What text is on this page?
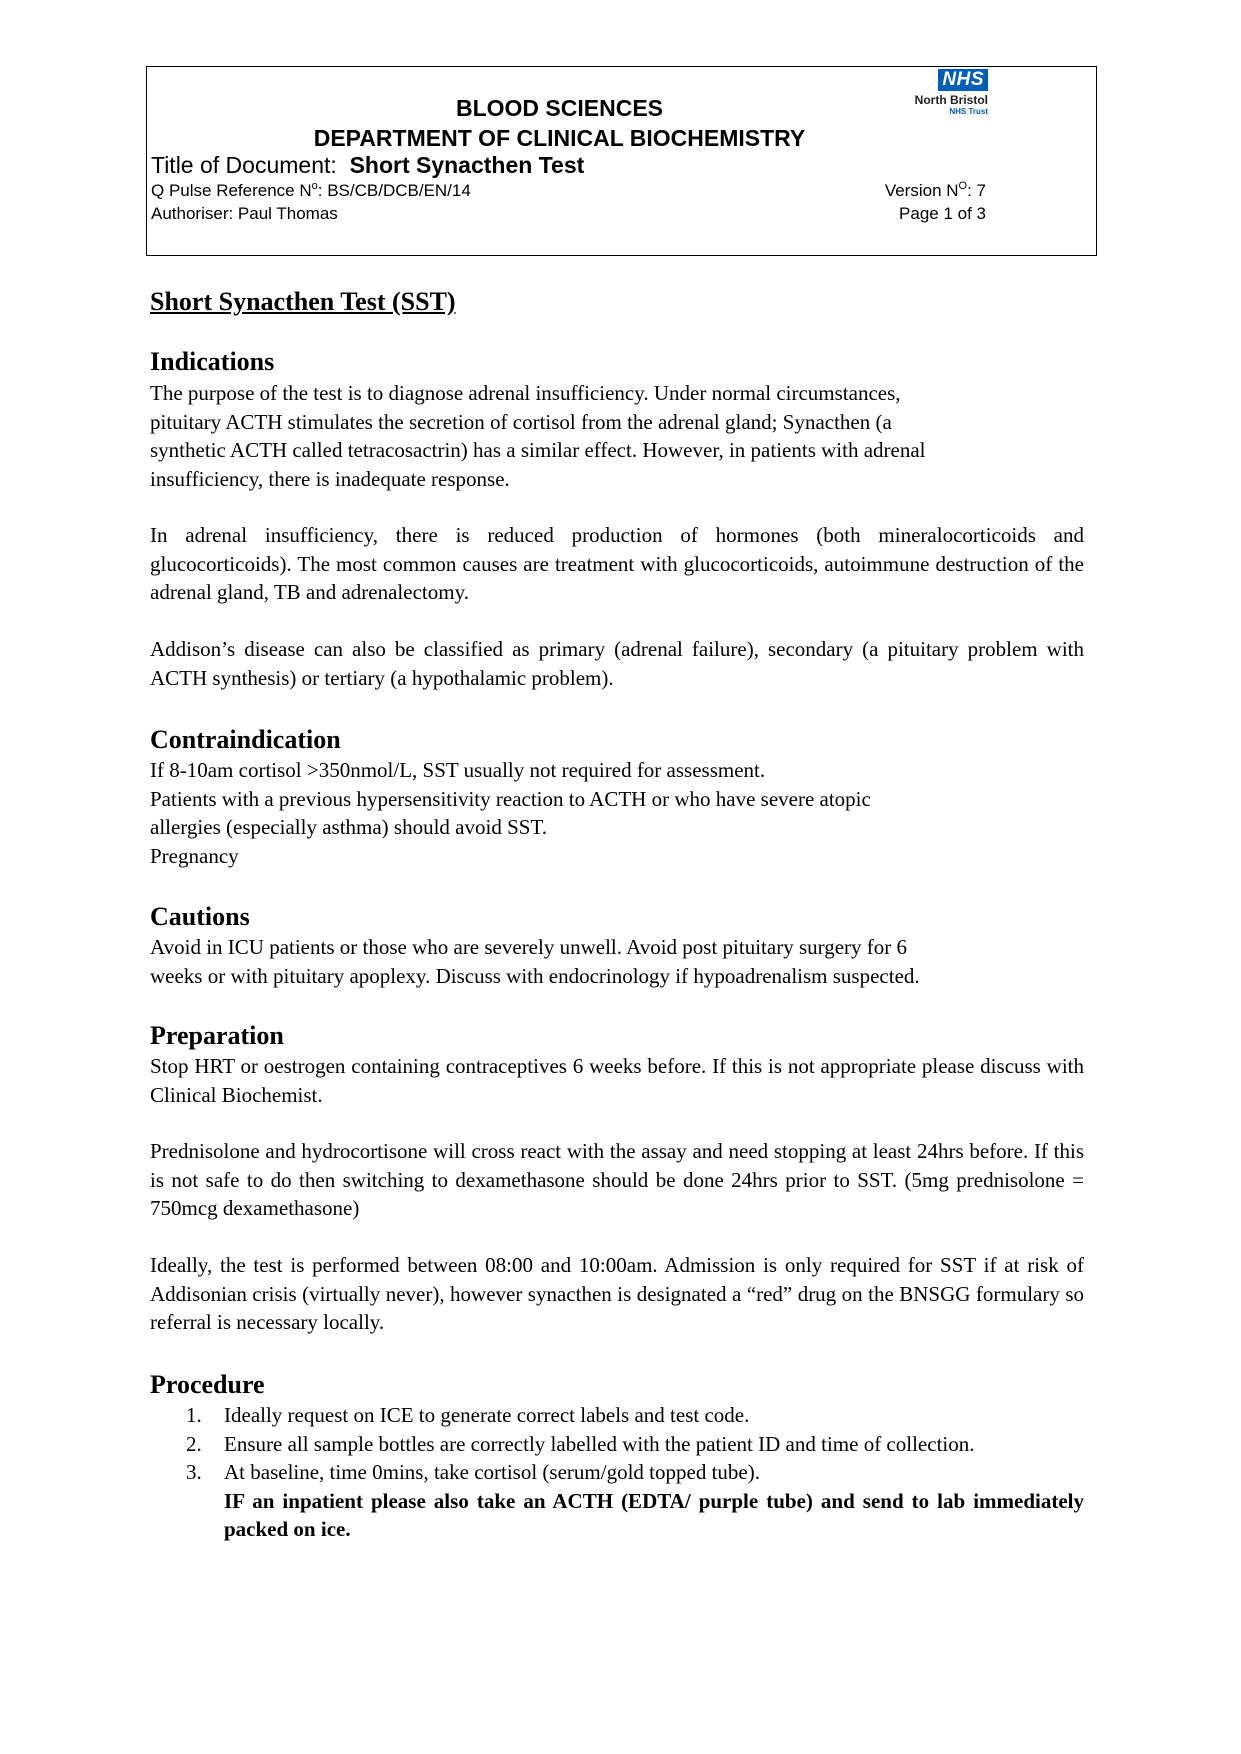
BLOOD SCIENCES
DEPARTMENT OF CLINICAL BIOCHEMISTRY
Title of Document: Short Synacthen Test
Q Pulse Reference $N^o$: BS/CB/DCB/EN/14
Authoriser: Paul Thomas
Version $N^O$: 7
Page 1 of 3
NHS
North Bristol
NHS Trust
Short Synacthen Test (SST)
Indications
The purpose of the test is to diagnose adrenal insufficiency. Under normal circumstances,
pituitary ACTH stimulates the secretion of cortisol from the adrenal gland; Synacthen (a
synthetic ACTH called tetracosactrin) has a similar effect. However, in patients with adrenal
insufficiency, there is inadequate response.
In adrenal insufficiency, there is reduced production of hormones (both mineralocorticoids and glucocorticoids). The most common causes are treatment with glucocorticoids, autoimmune destruction of the adrenal gland, TB and adrenalectomy.
Addison’s disease can also be classified as primary (adrenal failure), secondary (a pituitary problem with ACTH synthesis) or tertiary (a hypothalamic problem).
Contraindication
If 8-10am cortisol >350nmol/L, SST usually not required for assessment.
Patients with a previous hypersensitivity reaction to ACTH or who have severe atopic
allergies (especially asthma) should avoid SST.
Pregnancy
Cautions
Avoid in ICU patients or those who are severely unwell. Avoid post pituitary surgery for 6
weeks or with pituitary apoplexy. Discuss with endocrinology if hypoadrenalism suspected.
Preparation
Stop HRT or oestrogen containing contraceptives 6 weeks before. If this is not appropriate please discuss with Clinical Biochemist.
Prednisolone and hydrocortisone will cross react with the assay and need stopping at least 24hrs before. If this is not safe to do then switching to dexamethasone should be done 24hrs prior to SST. (5mg prednisolone = 750mcg dexamethasone)
Ideally, the test is performed between 08:00 and 10:00am. Admission is only required for SST if at risk of Addisonian crisis (virtually never), however synacthen is designated a “red” drug on the BNSGG formulary so referral is necessary locally.
Procedure
1. Ideally request on ICE to generate correct labels and test code.
2. Ensure all sample bottles are correctly labelled with the patient ID and time of collection.
3. At baseline, time 0mins, take cortisol (serum/gold topped tube).
IF an inpatient please also take an ACTH (EDTA/ purple tube) and send to lab immediately packed on ice.
